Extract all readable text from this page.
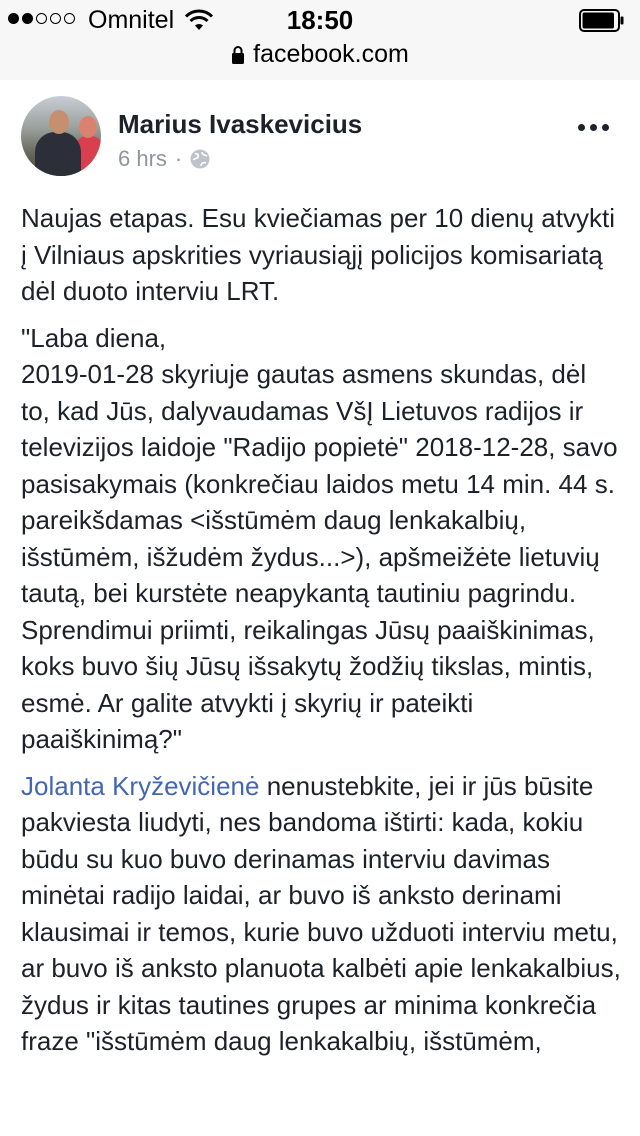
Omnitel	18:50
facebook.com
Marius Ivaskevicius
6 hrs ·

Naujas etapas. Esu kviečiamas per 10 dienų atvykti į Vilniaus apskrities vyriausiąjį policijos komisariatą dėl duoto interviu LRT.

"Laba diena,
2019-01-28 skyriuje gautas asmens skundas, dėl to, kad Jūs, dalyvaudamas VšĮ Lietuvos radijos ir televizijos laidoje "Radijo popietė" 2018-12-28, savo pasisakymais (konkrečiau laidos metu 14 min. 44 s. pareikšdamas <išstūmėm daug lenkakalbių, išstūmėm, išžudėm žydus...>), apšmeižėte lietuvių tautą, bei kurstėte neapykantą tautiniu pagrindu. Sprendimui priimti, reikalingas Jūsų paaiškinimas, koks buvo šių Jūsų išsakytų žodžių tikslas, mintis, esmė. Ar galite atvykti į skyrių ir pateikti paaiškinimą?"

Jolanta Kryževičienė nenustebkite, jei ir jūs būsite pakviesta liudyti, nes bandoma ištirti: kada, kokiu būdu su kuo buvo derinamas interviu davimas minėtai radijo laidai, ar buvo iš anksto derinami klausimai ir temos, kurie buvo užduoti interviu metu, ar buvo iš anksto planuota kalbėti apie lenkakalbius, žydus ir kitas tautines grupes ar minima konkrečia fraze "išstūmėm daug lenkakalbių, išstūmėm,
